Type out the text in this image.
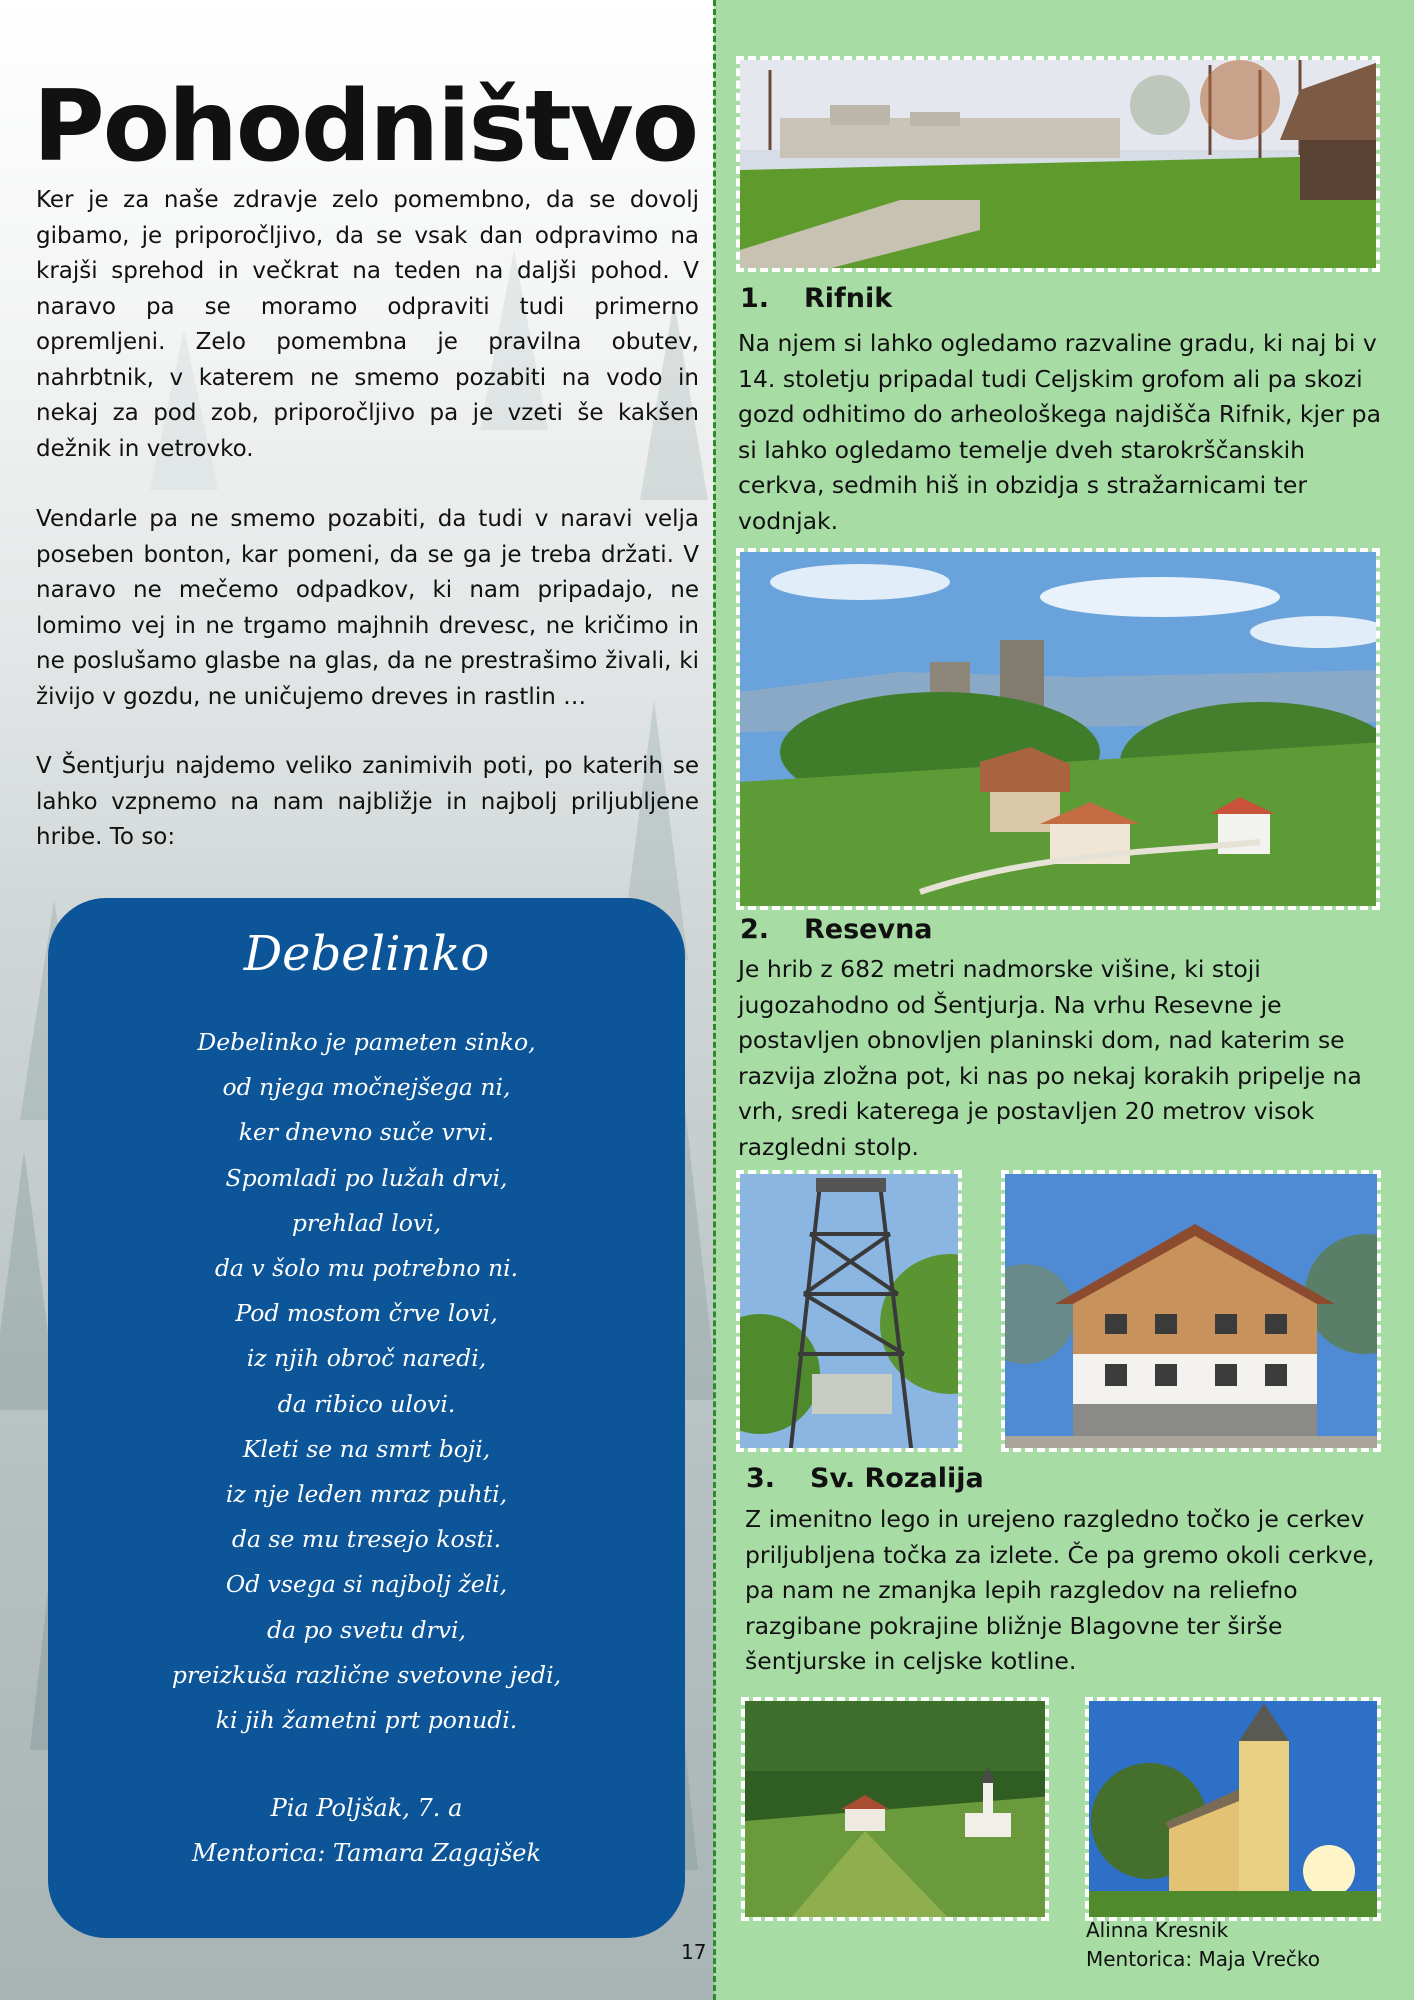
Pohodništvo

Ker je za naše zdravje zelo pomembno, da se dovolj gibamo, je priporočljivo, da se vsak dan odpravimo na krajši sprehod in večkrat na teden na daljši pohod. V naravo pa se moramo odpraviti tudi primerno opremljeni. Zelo pomembna je pravilna obutev, nahrbtnik, v katerem ne smemo pozabiti na vodo in nekaj za pod zob, priporočljivo pa je vzeti še kakšen dežnik in vetrovko.

Vendarle pa ne smemo pozabiti, da tudi v naravi velja poseben bonton, kar pomeni, da se ga je treba držati. V naravo ne mečemo odpadkov, ki nam pripadajo, ne lomimo vej in ne trgamo majhnih drevesc, ne kričimo in ne poslušamo glasbe na glas, da ne prestrašimo živali, ki živijo v gozdu, ne uničujemo dreves in rastlin …

V Šentjurju najdemo veliko zanimivih poti, po katerih se lahko vzpnemo na nam najbližje in najbolj priljubljene hribe. To so:

Debelinko
Debelinko je pameten sinko,
od njega močnejšega ni,
ker dnevno suče vrvi.
Spomladi po lužah drvi,
prehlad lovi,
da v šolo mu potrebno ni.
Pod mostom črve lovi,
iz njih obroč naredi,
da ribico ulovi.
Kleti se na smrt boji,
iz nje leden mraz puhti,
da se mu tresejo kosti.
Od vsega si najbolj želi,
da po svetu drvi,
preizkuša različne svetovne jedi,
ki jih žametni prt ponudi.
Pia Poljšak, 7. a
Mentorica: Tamara Zagajšek
17
1. Rifnik

Na njem si lahko ogledamo razvaline gradu, ki naj bi v 14. stoletju pripadal tudi Celjskim grofom ali pa skozi gozd odhitimo do arheološkega najdišča Rifnik, kjer pa si lahko ogledamo temelje dveh starokrščanskih cerkva, sedmih hiš in obzidja s stražarnicami ter vodnjak.

2. Resevna

Je hrib z 682 metri nadmorske višine, ki stoji jugozahodno od Šentjurja. Na vrhu Resevne je postavljen obnovljen planinski dom, nad katerim se razvija zložna pot, ki nas po nekaj korakih pripelje na vrh, sredi katerega je postavljen 20 metrov visok razgledni stolp.

3. Sv. Rozalija

Z imenitno lego in urejeno razgledno točko je cerkev priljubljena točka za izlete. Če pa gremo okoli cerkve, pa nam ne zmanjka lepih razgledov na reliefno razgibane pokrajine bližnje Blagovne ter širše šentjurske in celjske kotline.

Alinna Kresnik
Mentorica: Maja Vrečko
